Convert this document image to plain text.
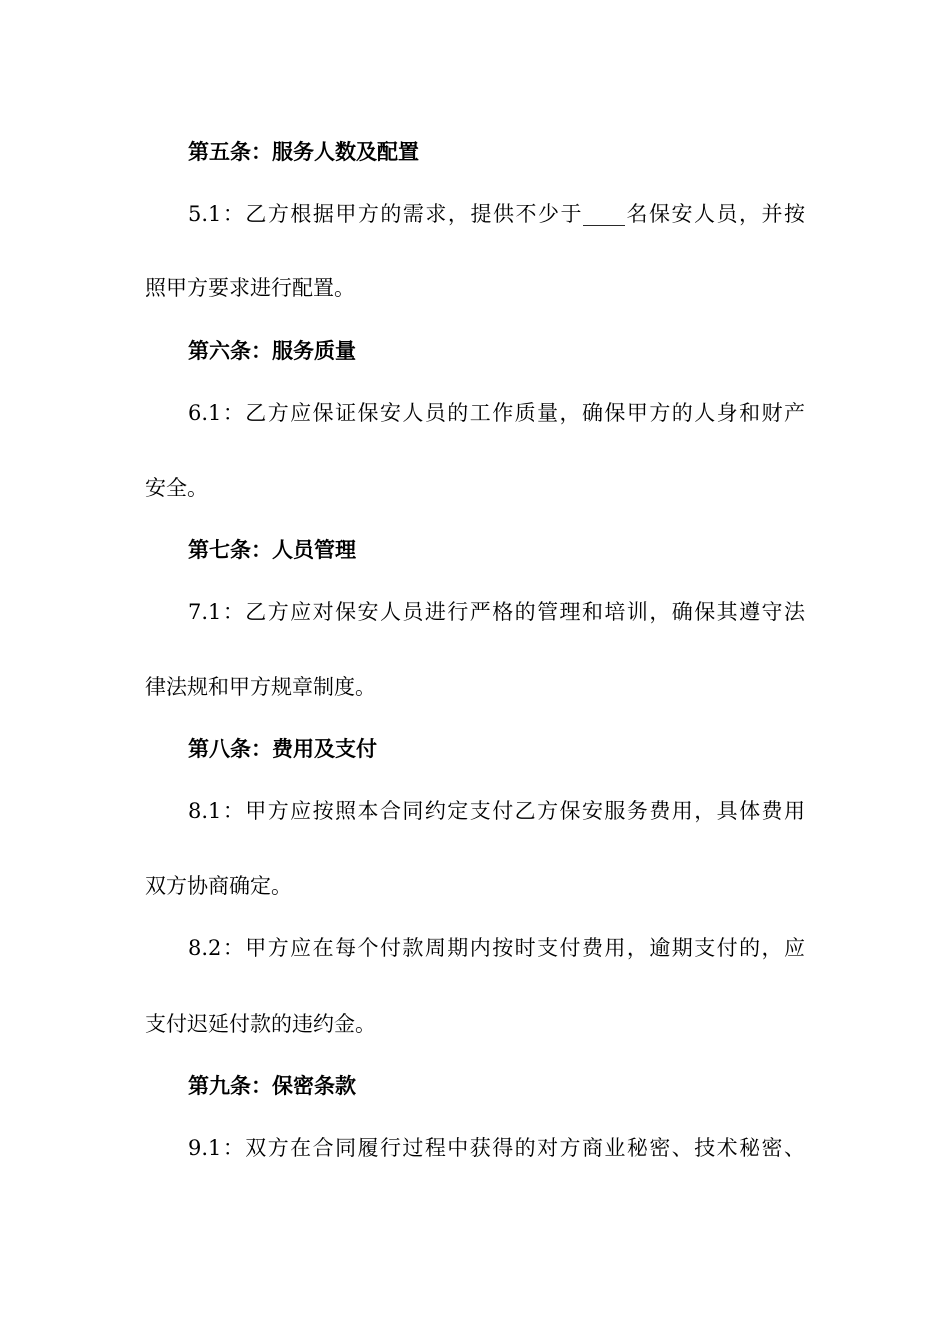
第五条：服务人数及配置
5.1：乙方根据甲方的需求，提供不少于____名保安人员，并按
照甲方要求进行配置。
第六条：服务质量
6.1：乙方应保证保安人员的工作质量，确保甲方的人身和财产
安全。
第七条：人员管理
7.1：乙方应对保安人员进行严格的管理和培训，确保其遵守法
律法规和甲方规章制度。
第八条：费用及支付
8.1：甲方应按照本合同约定支付乙方保安服务费用，具体费用
双方协商确定。
8.2：甲方应在每个付款周期内按时支付费用，逾期支付的，应
支付迟延付款的违约金。
第九条：保密条款
9.1：双方在合同履行过程中获得的对方商业秘密、技术秘密、
